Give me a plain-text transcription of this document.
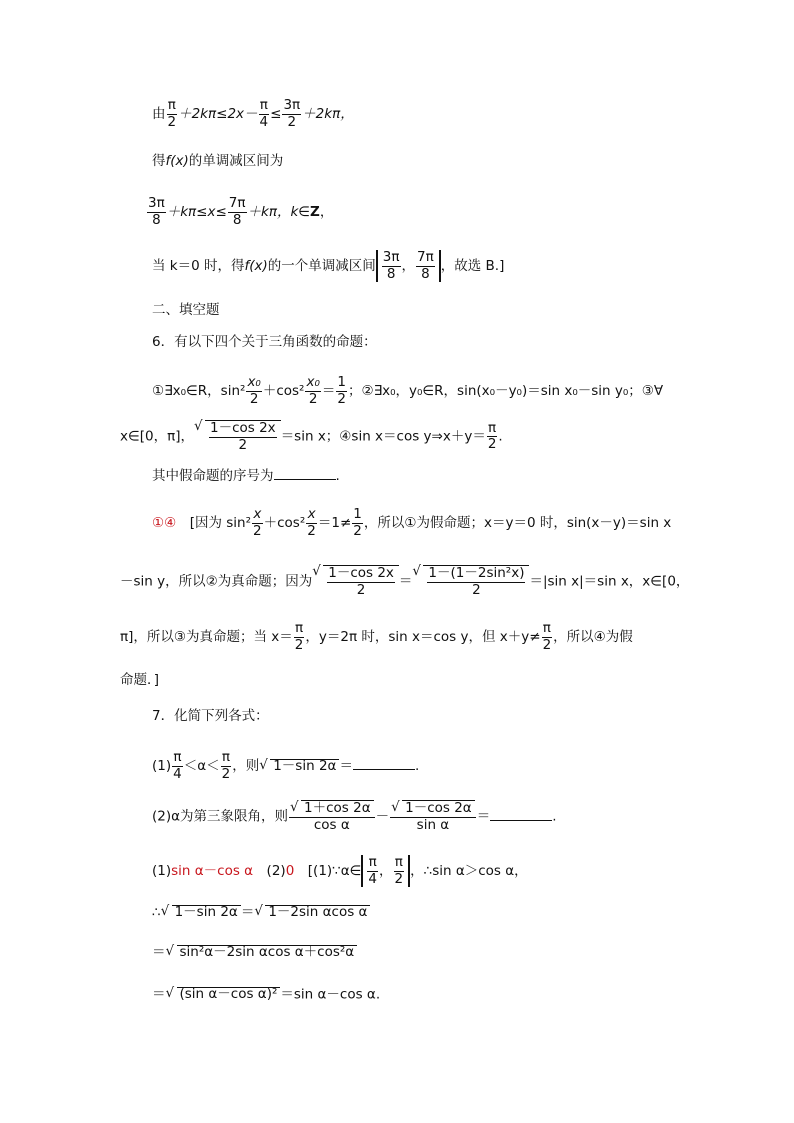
由 $\frac{\pi}{2} +2k\pi\le 2x- \frac{\pi}{4} \le \frac{3\pi}{2} +2k\pi$，
得f(x)的单调减区间为
$\frac{3\pi}{8} +k\pi\le x\le \frac{7\pi}{8} +k\pi$，k∈Z，
当 k＝0 时，得f(x)的一个单调减区间 $\frac{3\pi}{8}$ ， $\frac{7\pi}{8}$ ，故选 B.]
二、填空题
6．有以下四个关于三角函数的命题：
①∃x₀∈R，$\sin^2 \frac{\text{x₀}}{2} +\cos^2 \frac{\text{x₀}}{2} = \frac{1}{2}$ ；②∃x₀，y₀∈R，sin(x₀－y₀)＝sin x₀－sin y₀；③∀
x∈[0，π]，
√ $\frac{1-\cos 2x}{2} =\sin$ x；④sin x＝cos y⇒x＋y＝ $\frac{\pi}{2}$ .
其中假命题的序号为	.
①④　 [因为 $\sin^2 \frac{x}{2} +\cos^2 \frac{x}{2} =1\ne \frac{1}{2}$ ，所以①为假命题；x＝y＝0 时，sin(x－y)＝sin x
－sin y，所以②为真命题；因为
√ $\frac{1-\cos 2x}{2}$ ＝
√ $\frac{\text{1－(1－2sin²x)}}{2} =|\sin$ x|＝sin x，x∈[0，
π]，所以③为真命题；当 $x= \frac{\pi}{2}$ ，y＝2π 时，sin x＝cos y，但 $x+y\ne \frac{\pi}{2}$ ，所以④为假
命题．]
7．化简下列各式：
$(1) \frac{\pi}{4} <\alpha< \frac{\pi}{2}$ ，则 √ 1－sin 2α ＝	.
(2)α为第三象限角，则 $\frac{√ 1+\cos 2\alpha}{\text{cos α}} - \frac{√ 1-\cos 2\alpha}{\text{sin α}}$ ＝	.
(1)sin α－cos α　(2)0　[(1)∵α∈ $\frac{\pi}{4}$ ， $\frac{\pi}{2}$ ，∴sin α＞cos α，
∴ √ 1－sin 2α ＝ √ 1－2sin αcos α
＝ √ sin²α－2sin αcos α＋cos²α
＝ √ (sin α－cos α)² ＝sin α－cos α.
